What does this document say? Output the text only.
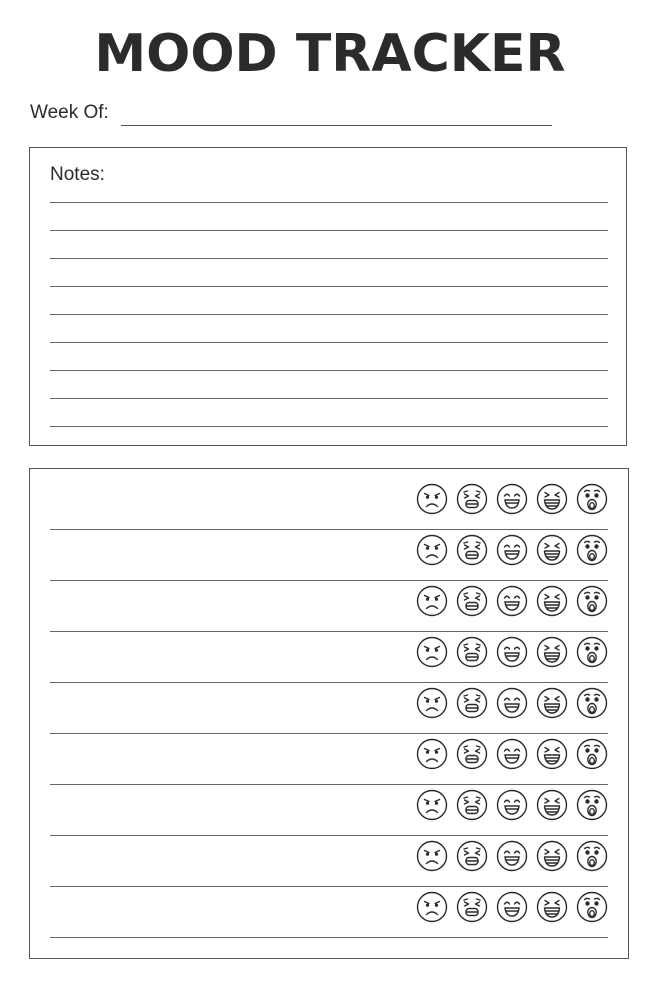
MOOD TRACKER
Week Of:
Notes:
